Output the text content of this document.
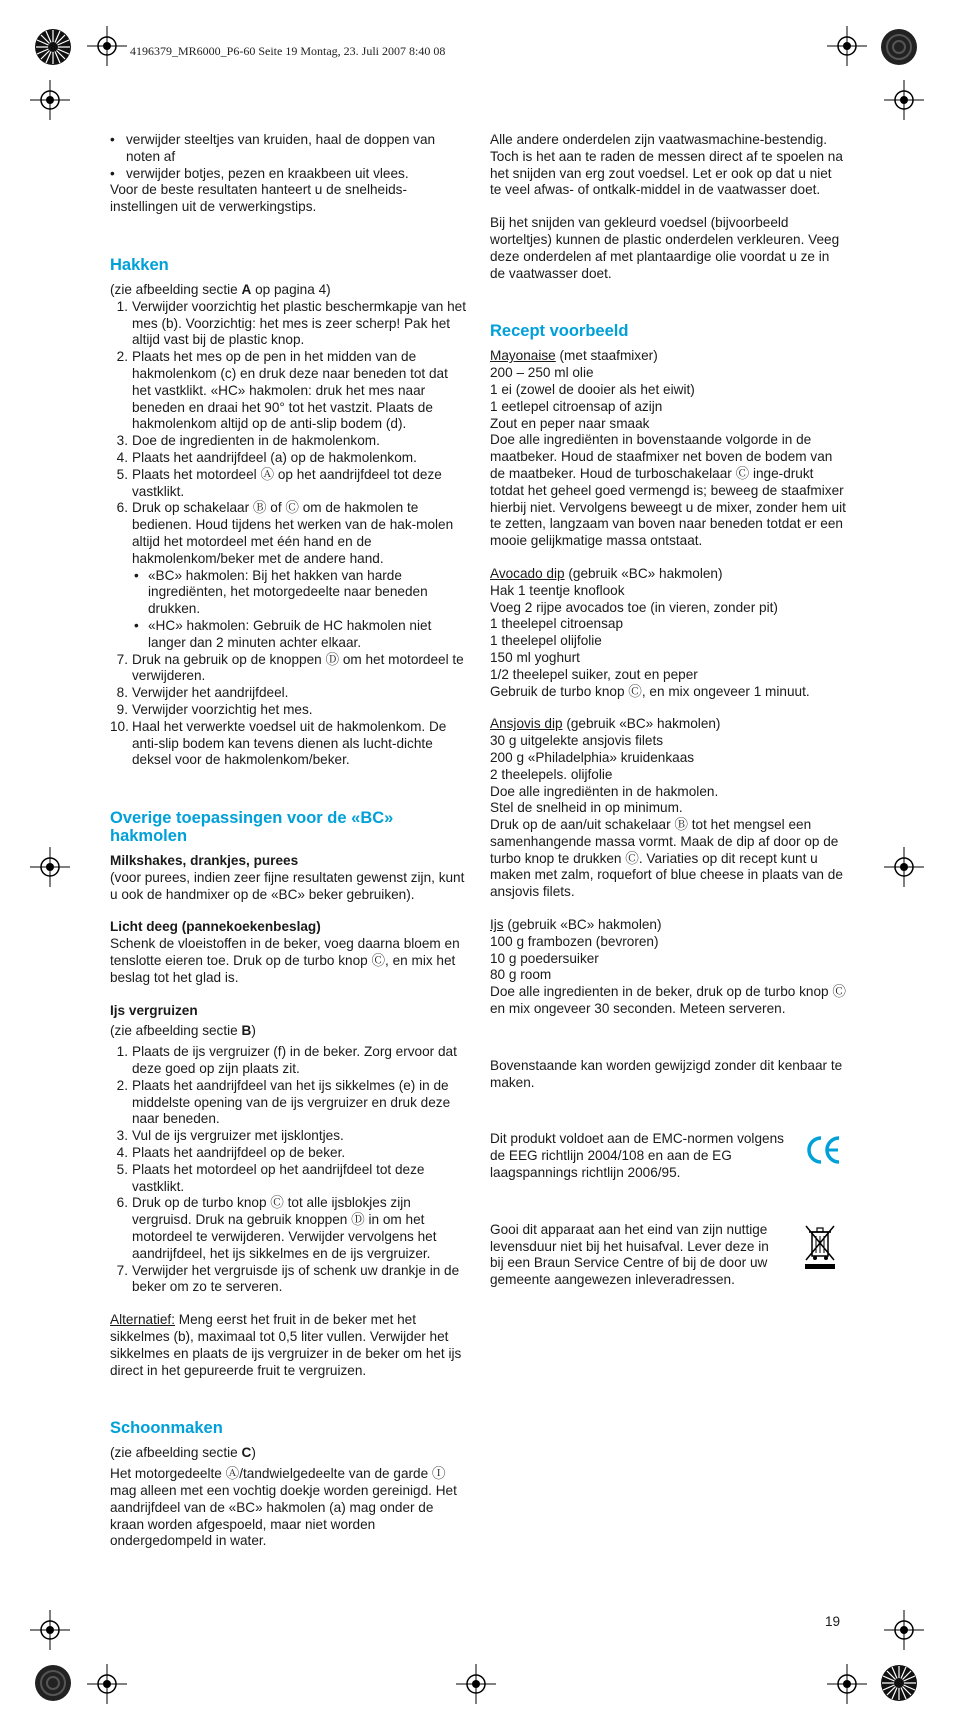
4196379_MR6000_P6-60 Seite 19 Montag, 23. Juli 2007 8:40 08
• verwijder steeltjes van kruiden, haal de doppen van noten af
• verwijder botjes, pezen en kraakbeen uit vlees.

Voor de beste resultaten hanteert u de snelheids-instellingen uit de verwerkingstips.

Hakken

(zie afbeelding sectie A op pagina 4)

1. Verwijder voorzichtig het plastic beschermkapje van het mes (b). Voorzichtig: het mes is zeer scherp! Pak het altijd vast bij de plastic knop.
2. Plaats het mes op de pen in het midden van de hakmolenkom (c) en druk deze naar beneden tot dat het vastklikt. «HC» hakmolen: druk het mes naar beneden en draai het 90° tot het vastzit. Plaats de hakmolenkom altijd op de anti-slip bodem (d).
3. Doe de ingredienten in de hakmolenkom.
4. Plaats het aandrijfdeel (a) op de hakmolenkom.
5. Plaats het motordeel Ⓐ op het aandrijfdeel tot deze vastklikt.
6. Druk op schakelaar Ⓑ of Ⓒ om de hakmolen te bedienen. Houd tijdens het werken van de hak-molen altijd het motordeel met één hand en de hakmolenkom/beker met de andere hand.
• «BC» hakmolen: Bij het hakken van harde ingrediënten, het motorgedeelte naar beneden drukken.
• «HC» hakmolen: Gebruik de HC hakmolen niet langer dan 2 minuten achter elkaar.
7. Druk na gebruik op de knoppen Ⓓ om het motordeel te verwijderen.
8. Verwijder het aandrijfdeel.
9. Verwijder voorzichtig het mes.
10. Haal het verwerkte voedsel uit de hakmolenkom. De anti-slip bodem kan tevens dienen als lucht-dichte deksel voor de hakmolenkom/beker.
Overige toepassingen voor de «BC» hakmolen
Milkshakes, drankjes, purees

(voor purees, indien zeer fijne resultaten gewenst zijn, kunt u ook de handmixer op de «BC» beker gebruiken).

Licht deeg (pannekoekenbeslag)

Schenk de vloeistoffen in de beker, voeg daarna bloem en tenslotte eieren toe. Druk op de turbo knop Ⓒ, en mix het beslag tot het glad is.

Ijs vergruizen

(zie afbeelding sectie B)

1. Plaats de ijs vergruizer (f) in de beker. Zorg ervoor dat deze goed op zijn plaats zit.
2. Plaats het aandrijfdeel van het ijs sikkelmes (e) in de middelste opening van de ijs vergruizer en druk deze naar beneden.
3. Vul de ijs vergruizer met ijsklontjes.
4. Plaats het aandrijfdeel op de beker.
5. Plaats het motordeel op het aandrijfdeel tot deze vastklikt.
6. Druk op de turbo knop Ⓒ tot alle ijsblokjes zijn vergruisd. Druk na gebruik knoppen Ⓓ in om het motordeel te verwijderen. Verwijder vervolgens het aandrijfdeel, het ijs sikkelmes en de ijs vergruizer.
7. Verwijder het vergruisde ijs of schenk uw drankje in de beker om zo te serveren.

Alternatief: Meng eerst het fruit in de beker met het sikkelmes (b), maximaal tot 0,5 liter vullen. Verwijder het sikkelmes en plaats de ijs vergruizer in de beker om het ijs direct in het gepureerde fruit te vergruizen.

Schoonmaken

(zie afbeelding sectie C)

Het motorgedeelte Ⓐ/tandwielgedeelte van de garde Ⓘ mag alleen met een vochtig doekje worden gereinigd. Het aandrijfdeel van de «BC» hakmolen (a) mag onder de kraan worden afgespoeld, maar niet worden ondergedompeld in water.

Alle andere onderdelen zijn vaatwasmachine-bestendig. Toch is het aan te raden de messen direct af te spoelen na het snijden van erg zout voedsel. Let er ook op dat u niet te veel afwas- of ontkalk-middel in de vaatwasser doet.

Bij het snijden van gekleurd voedsel (bijvoorbeeld worteltjes) kunnen de plastic onderdelen verkleuren. Veeg deze onderdelen af met plantaardige olie voordat u ze in de vaatwasser doet.

Recept voorbeeld

Mayonaise (met staafmixer)

200 – 250 ml olie

1 ei (zowel de dooier als het eiwit)

1 eetlepel citroensap of azijn

Zout en peper naar smaak

Doe alle ingrediënten in bovenstaande volgorde in de maatbeker. Houd de staafmixer net boven de bodem van de maatbeker. Houd de turboschakelaar Ⓒ inge-drukt totdat het geheel goed vermengd is; beweeg de staafmixer hierbij niet. Vervolgens beweegt u de mixer, zonder hem uit te zetten, langzaam van boven naar beneden totdat er een mooie gelijkmatige massa ontstaat.

Avocado dip (gebruik «BC» hakmolen)

Hak 1 teentje knoflook

Voeg 2 rijpe avocados toe (in vieren, zonder pit)

1 theelepel citroensap

1 theelepel olijfolie

150 ml yoghurt

1/2 theelepel suiker, zout en peper

Gebruik de turbo knop Ⓒ, en mix ongeveer 1 minuut.

Ansjovis dip (gebruik «BC» hakmolen)

30 g uitgelekte ansjovis filets

200 g «Philadelphia» kruidenkaas

2 theelepels. olijfolie

Doe alle ingrediënten in de hakmolen.

Stel de snelheid in op minimum.

Druk op de aan/uit schakelaar Ⓑ tot het mengsel een samenhangende massa vormt. Maak de dip af door op de turbo knop te drukken Ⓒ. Variaties op dit recept kunt u maken met zalm, roquefort of blue cheese in plaats van de ansjovis filets.

Ijs (gebruik «BC» hakmolen)

100 g frambozen (bevroren)

10 g poedersuiker

80 g room

Doe alle ingredienten in de beker, druk op de turbo knop Ⓒ en mix ongeveer 30 seconden. Meteen serveren.

Bovenstaande kan worden gewijzigd zonder dit kenbaar te maken.

Dit produkt voldoet aan de EMC-normen volgens de EEG richtlijn 2004/108 en aan de EG laagspannings richtlijn 2006/95.

Gooi dit apparaat aan het eind van zijn nuttige levensduur niet bij het huisafval. Lever deze in bij een Braun Service Centre of bij de door uw gemeente aangewezen inleveradressen.

19
